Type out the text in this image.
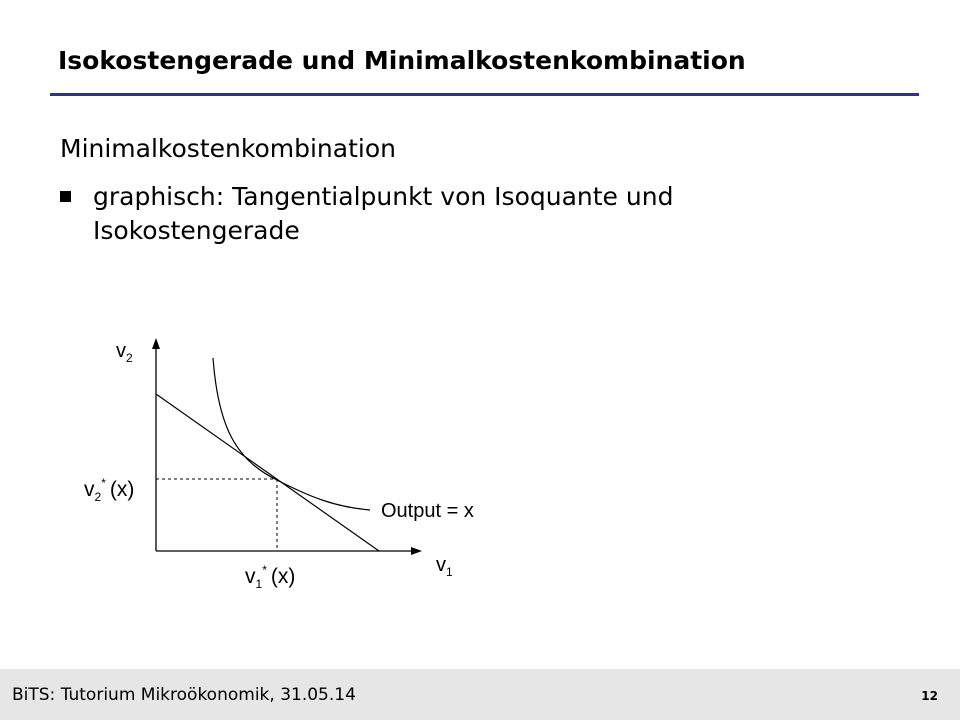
Isokostengerade und Minimalkostenkombination
Minimalkostenkombination
graphisch: Tangentialpunkt von Isoquante und Isokostengerade
$v_2$
$v_1$
$v_2^*$ (x)
$v_1^*$ (x)
Output = x
BiTS: Tutorium Mikroökonomik, 31.05.14	12
